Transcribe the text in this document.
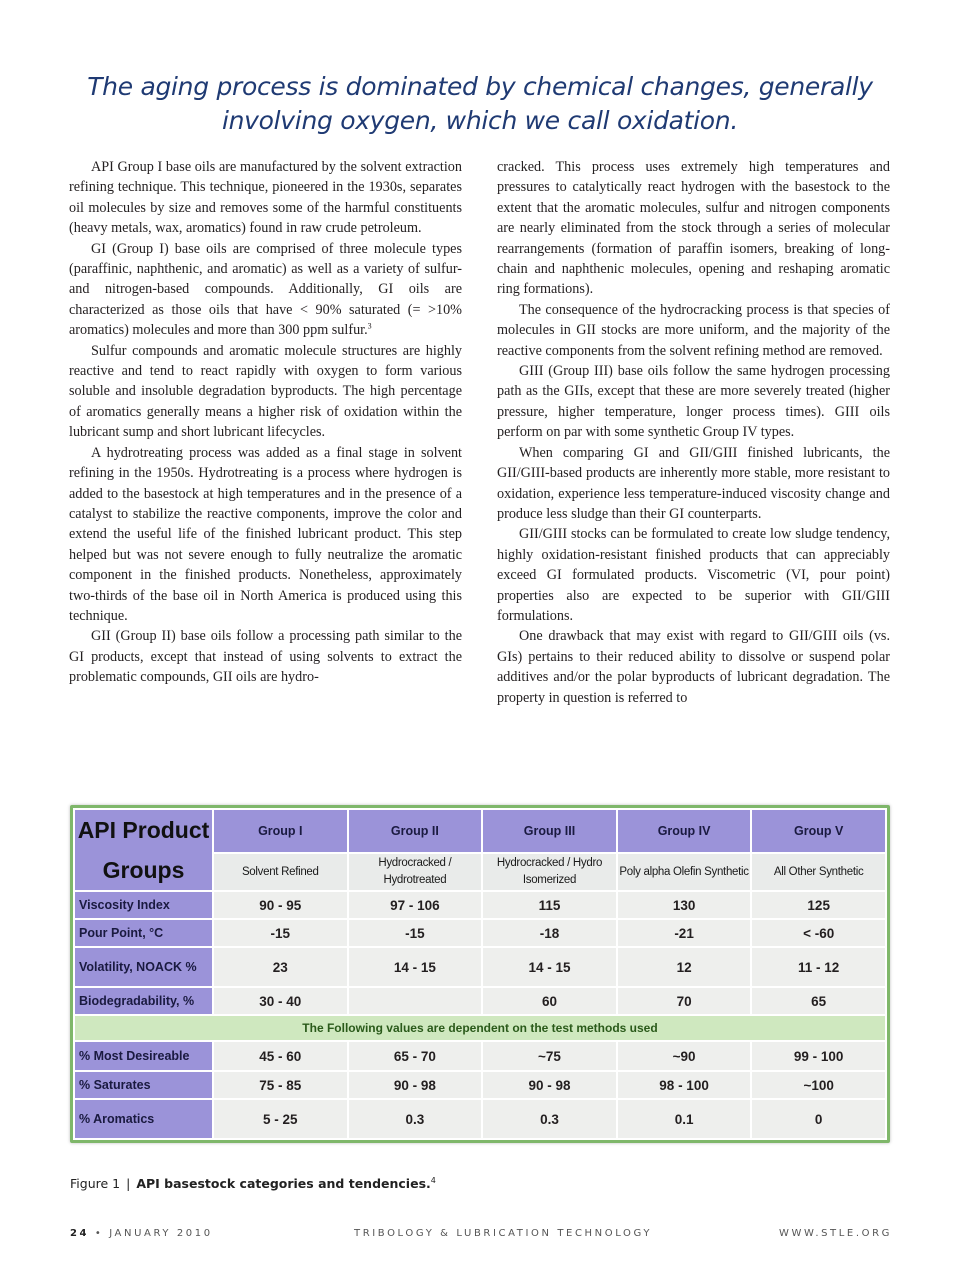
The aging process is dominated by chemical changes, generally involving oxygen, which we call oxidation.

API Group I base oils are manufactured by the solvent extraction refining technique. This technique, pioneered in the 1930s, separates oil molecules by size and removes some of the harmful constituents (heavy metals, wax, aromatics) found in raw crude petroleum.

GI (Group I) base oils are comprised of three molecule types (paraffinic, naphthenic, and aromatic) as well as a variety of sulfur- and nitrogen-based compounds. Additionally, GI oils are characterized as those oils that have < 90% saturated (= >10% aromatics) molecules and more than 300 ppm sulfur.$^3$

Sulfur compounds and aromatic molecule structures are highly reactive and tend to react rapidly with oxygen to form various soluble and insoluble degradation byproducts. The high percentage of aromatics generally means a higher risk of oxidation within the lubricant sump and short lubricant lifecycles.

A hydrotreating process was added as a final stage in solvent refining in the 1950s. Hydrotreating is a process where hydrogen is added to the basestock at high temperatures and in the presence of a catalyst to stabilize the reactive components, improve the color and extend the useful life of the finished lubricant product. This step helped but was not severe enough to fully neutralize the aromatic component in the finished products. Nonetheless, approximately two-thirds of the base oil in North America is produced using this technique.

GII (Group II) base oils follow a processing path similar to the GI products, except that instead of using solvents to extract the problematic compounds, GII oils are hydro-

cracked. This process uses extremely high temperatures and pressures to catalytically react hydrogen with the basestock to the extent that the aromatic molecules, sulfur and nitrogen components are nearly eliminated from the stock through a series of molecular rearrangements (formation of paraffin isomers, breaking of long-chain and naphthenic molecules, opening and reshaping aromatic ring formations).

The consequence of the hydrocracking process is that species of molecules in GII stocks are more uniform, and the majority of the reactive components from the solvent refining method are removed.

GIII (Group III) base oils follow the same hydrogen processing path as the GIIs, except that these are more severely treated (higher pressure, higher temperature, longer process times). GIII oils perform on par with some synthetic Group IV types.

When comparing GI and GII/GIII finished lubricants, the GII/GIII-based products are inherently more stable, more resistant to oxidation, experience less temperature-induced viscosity change and produce less sludge than their GI counterparts.

GII/GIII stocks can be formulated to create low sludge tendency, highly oxidation-resistant finished products that can appreciably exceed GI formulated products. Viscometric (VI, pour point) properties also are expected to be superior with GII/GIII formulations.

One drawback that may exist with regard to GII/GIII oils (vs. GIs) pertains to their reduced ability to dissolve or suspend polar additives and/or the polar byproducts of lubricant degradation. The property in question is referred to

API Product
Groups	Group I	Group II	Group III	Group IV	Group V
	Solvent Refined	Hydrocracked / Hydrotreated	Hydrocracked / Hydro Isomerized	Poly alpha Olefin Synthetic	All Other Synthetic
Viscosity Index	90 - 95	97 - 106	115	130	125
Pour Point, °C	-15	-15	-18	-21	< -60
Volatility, NOACK %	23	14 - 15	14 - 15	12	11 - 12
Biodegradability, %	30 - 40		60	70	65
The Following values are dependent on the test methods used					
% Most Desireable	45 - 60	65 - 70	~75	~90	99 - 100
% Saturates	75 - 85	90 - 98	90 - 98	98 - 100	~100
% Aromatics	5 - 25	0.3	0.3	0.1	0
Figure 1 | API basestock categories and tendencies.$^4$
24 • JANUARY 2010	TRIBOLOGY & LUBRICATION TECHNOLOGY	WWW.STLE.ORG
